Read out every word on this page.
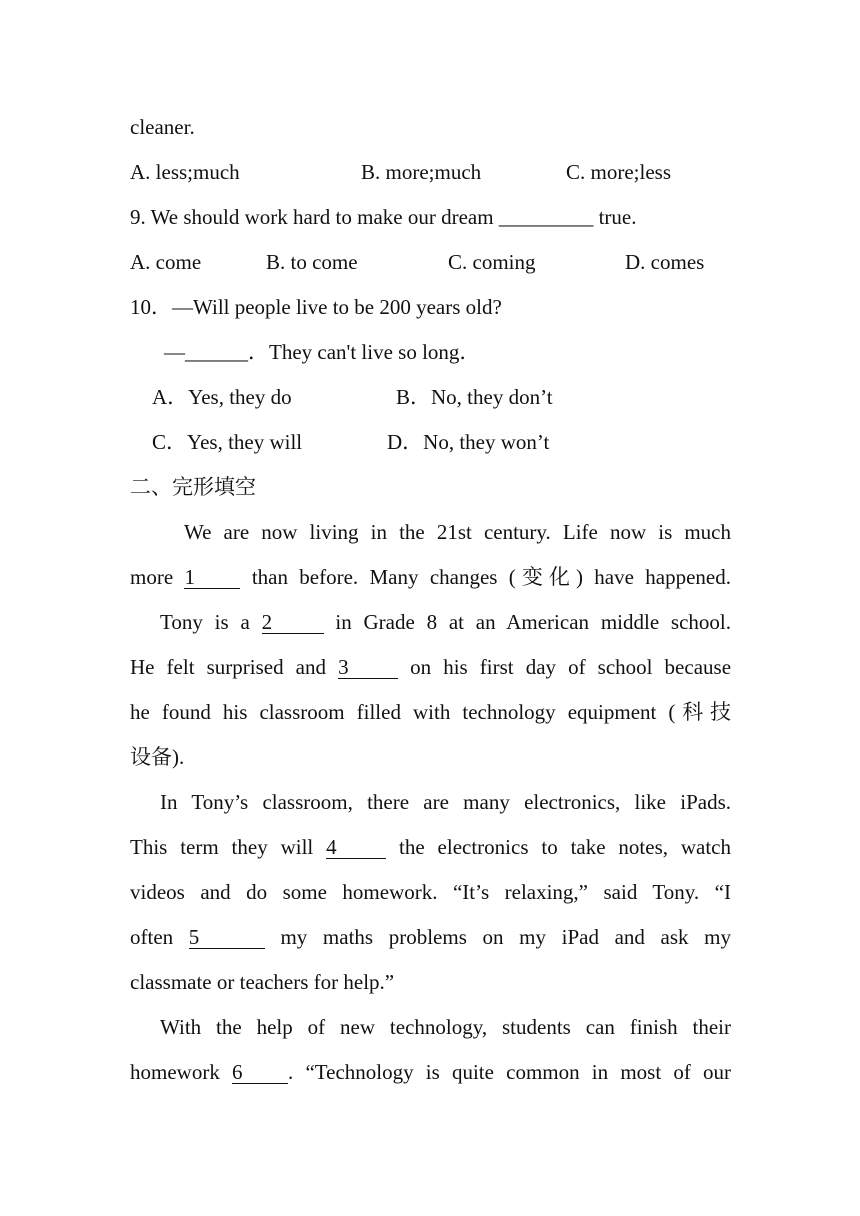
cleaner.
A. less;much	B. more;much	C. more;less
9. We should work hard to make our dream _________ true.
A. come	B. to come	C. coming	D. comes
10．—Will people live to be 200 years old?
—______．They can't live so long．
A．Yes, they do	B．No, they don’t
C．Yes, they will	D．No, they won’t
二、完形填空
We are now living in the 21st century. Life now is much
more 1	than before. Many changes (变化) have happened.
Tony is a 2	in Grade 8 at an American middle school.
He felt surprised and 3	on his first day of school because
he found his classroom filled with technology equipment (科技
设备).
In Tony’s classroom, there are many electronics, like iPads.
This term they will 4	the electronics to take notes, watch
videos and do some homework. “It’s relaxing,” said Tony. “I
often 5	my maths problems on my iPad and ask my
classmate or teachers for help.”
With the help of new technology, students can finish their
homework 6 . “Technology is quite common in most of our
